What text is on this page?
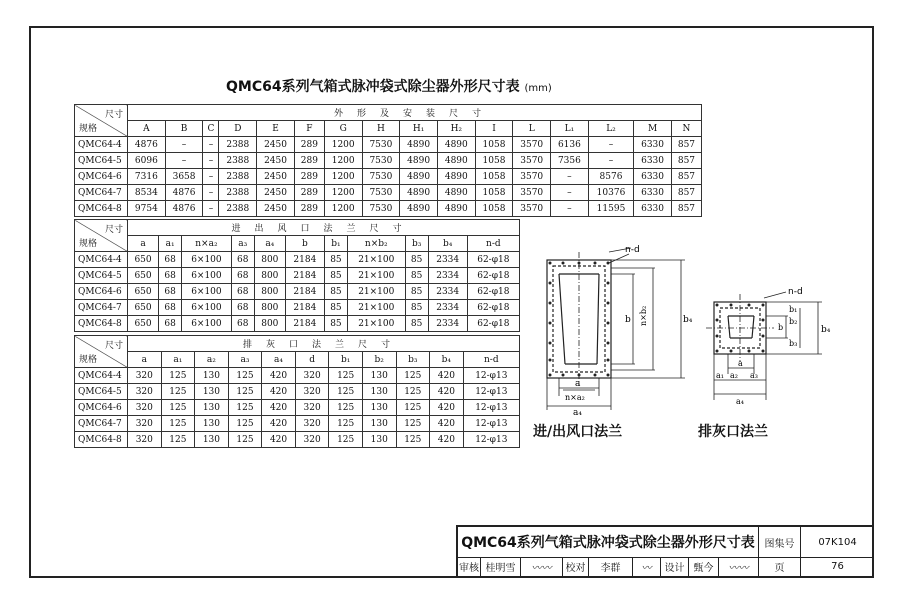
QMC64系列气箱式脉冲袋式除尘器外形尺寸表 (mm)
尺寸
规格	外形及安装尺寸															
	A	B	C	D	E	F	G	H	H₁	H₂	I	L	L₁	L₂	M	N
QMC64-4	4876	–	–	2388	2450	289	1200	7530	4890	4890	1058	3570	6136	–	6330	857
QMC64-5	6096	–	–	2388	2450	289	1200	7530	4890	4890	1058	3570	7356	–	6330	857
QMC64-6	7316	3658	–	2388	2450	289	1200	7530	4890	4890	1058	3570	–	8576	6330	857
QMC64-7	8534	4876	–	2388	2450	289	1200	7530	4890	4890	1058	3570	–	10376	6330	857
QMC64-8	9754	4876	–	2388	2450	289	1200	7530	4890	4890	1058	3570	–	11595	6330	857
尺寸
规格	进出风口法兰尺寸										
	a	a₁	n×a₂	a₃	a₄	b	b₁	n×b₂	b₃	b₄	n-d
QMC64-4	650	68	6×100	68	800	2184	85	21×100	85	2334	62-φ18
QMC64-5	650	68	6×100	68	800	2184	85	21×100	85	2334	62-φ18
QMC64-6	650	68	6×100	68	800	2184	85	21×100	85	2334	62-φ18
QMC64-7	650	68	6×100	68	800	2184	85	21×100	85	2334	62-φ18
QMC64-8	650	68	6×100	68	800	2184	85	21×100	85	2334	62-φ18
尺寸
规格	排灰口法兰尺寸										
	a	a₁	a₂	a₃	a₄	d	b₁	b₂	b₃	b₄	n-d
QMC64-4	320	125	130	125	420	320	125	130	125	420	12-φ13
QMC64-5	320	125	130	125	420	320	125	130	125	420	12-φ13
QMC64-6	320	125	130	125	420	320	125	130	125	420	12-φ13
QMC64-7	320	125	130	125	420	320	125	130	125	420	12-φ13
QMC64-8	320	125	130	125	420	320	125	130	125	420	12-φ13
n-d
b n×b₂	b₄
a
n×a₂
a₄
进/出风口法兰
n-d
b
b₁
b₂
b₃
b₄
a
a₁ a₂ a₃
a₄
排灰口法兰
QMC64系列气箱式脉冲袋式除尘器外形尺寸表 图集号	07K104
审核 桂明雪	〰〰	校对	李群	〰	设计 甄今	〰〰	页	76
